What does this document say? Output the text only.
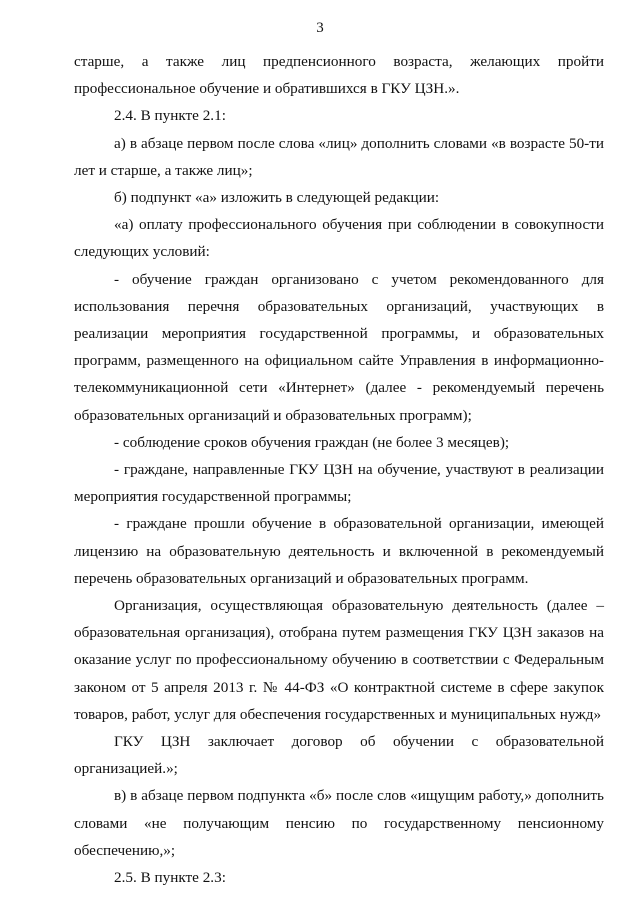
3

старше, а также лиц предпенсионного возраста, желающих пройти профессиональное обучение и обратившихся в ГКУ ЦЗН.».

2.4. В пункте 2.1:

а) в абзаце первом после слова «лиц» дополнить словами «в возрасте 50-ти лет и старше, а также лиц»;

б) подпункт «а» изложить в следующей редакции:

«а) оплату профессионального обучения при соблюдении в совокупности следующих условий:

- обучение граждан организовано с учетом рекомендованного для использования перечня образовательных организаций, участвующих в реализации мероприятия государственной программы, и образовательных программ, размещенного на официальном сайте Управления в информационно-телекоммуникационной сети «Интернет» (далее - рекомендуемый перечень образовательных организаций и образовательных программ);

- соблюдение сроков обучения граждан (не более 3 месяцев);

- граждане, направленные ГКУ ЦЗН на обучение, участвуют в реализации мероприятия государственной программы;

- граждане прошли обучение в образовательной организации, имеющей лицензию на образовательную деятельность и включенной в рекомендуемый перечень образовательных организаций и образовательных программ.

Организация, осуществляющая образовательную деятельность (далее – образовательная организация), отобрана путем размещения ГКУ ЦЗН заказов на оказание услуг по профессиональному обучению в соответствии с Федеральным законом от 5 апреля 2013 г. № 44-ФЗ «О контрактной системе в сфере закупок товаров, работ, услуг для обеспечения государственных и муниципальных нужд»

ГКУ ЦЗН заключает договор об обучении с образовательной организацией.»;

в) в абзаце первом подпункта «б» после слов «ищущим работу,» дополнить словами «не получающим пенсию по государственному пенсионному обеспечению,»;

2.5. В пункте 2.3:
